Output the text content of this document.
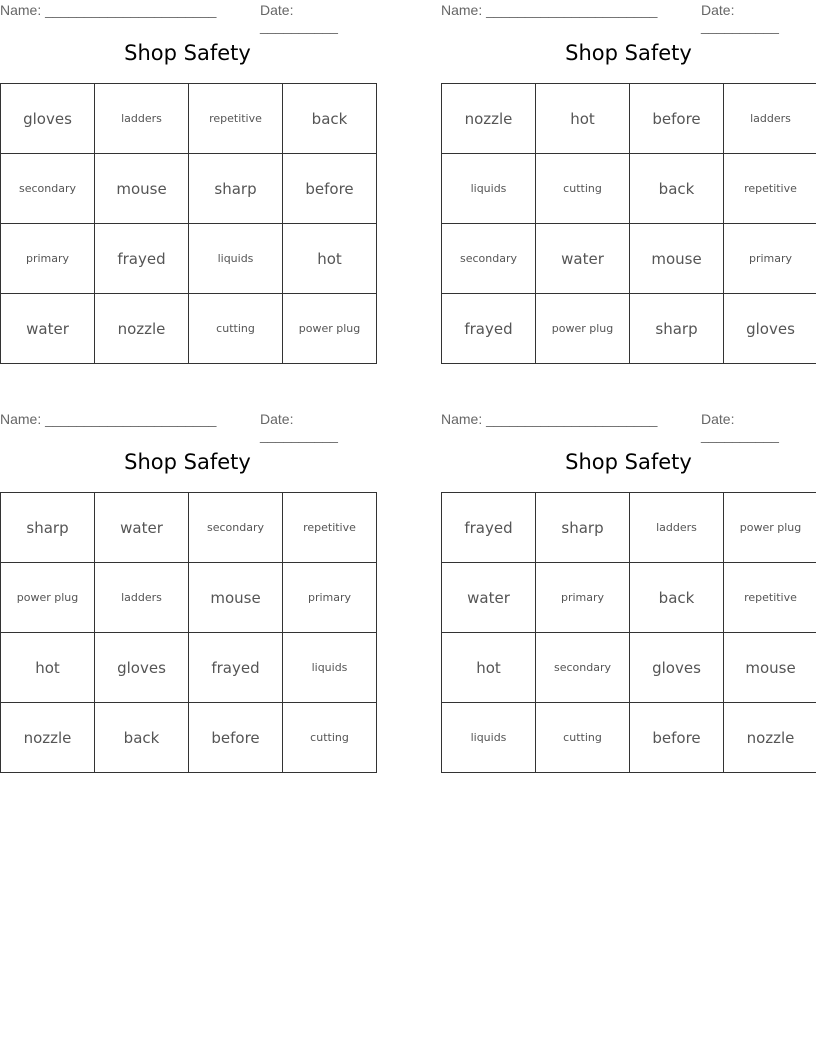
Name: ______________________	Date: __________
Shop Safety
gloves	ladders	repetitive	back
secondary	mouse	sharp	before
primary	frayed	liquids	hot
water	nozzle	cutting	power plug
Name: ______________________	Date: __________
Shop Safety
nozzle	hot	before	ladders
liquids	cutting	back	repetitive
secondary	water	mouse	primary
frayed	power plug	sharp	gloves
Name: ______________________	Date: __________
Shop Safety
sharp	water	secondary	repetitive
power plug	ladders	mouse	primary
hot	gloves	frayed	liquids
nozzle	back	before	cutting
Name: ______________________	Date: __________
Shop Safety
frayed	sharp	ladders	power plug
water	primary	back	repetitive
hot	secondary	gloves	mouse
liquids	cutting	before	nozzle
